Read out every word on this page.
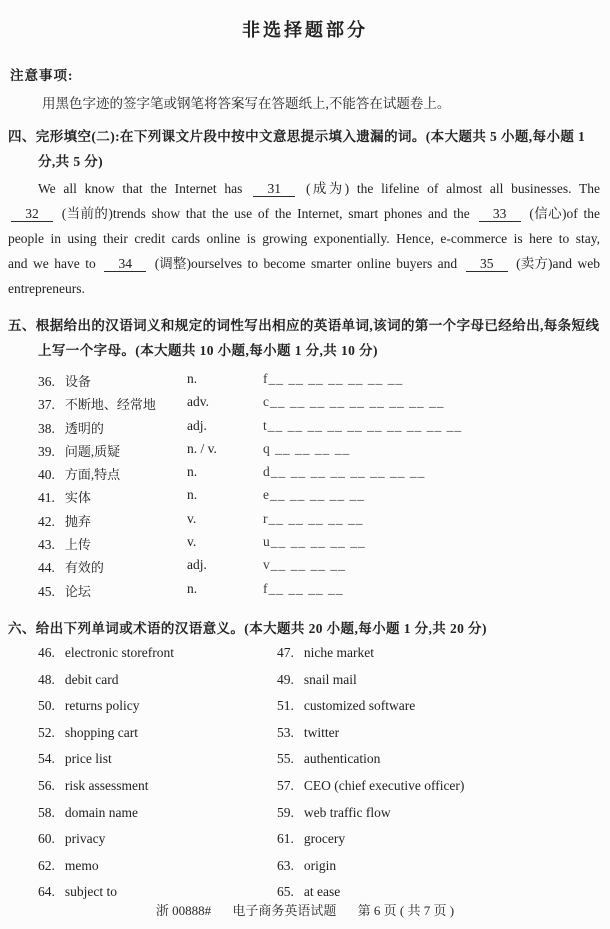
非选择题部分
注意事项:
用黑色字迹的签字笔或钢笔将答案写在答题纸上,不能答在试题卷上。
四、完形填空(二):在下列课文片段中按中文意思提示填入遗漏的词。(本大题共 5 小题,每小题 1 分,共 5 分)

We all know that the Internet has 31 (成为) the lifeline of almost all businesses. The 32 (当前的)trends show that the use of the Internet, smart phones and the 33 (信心)of the people in using their credit cards online is growing exponentially. Hence, e-commerce is here to stay, and we have to 34 (调整)ourselves to become smarter online buyers and 35 (卖方)and web entrepreneurs.

五、根据给出的汉语词义和规定的词性写出相应的英语单词,该词的第一个字母已经给出,每条短线上写一个字母。(本大题共 10 小题,每小题 1 分,共 10 分)
36. 设备	n.	f__ __ __ __ __ __ __
37. 不断地、经常地 adv.	c__ __ __ __ __ __ __ __ __
38. 透明的	adj.	t__ __ __ __ __ __ __ __ __ __
39. 问题,质疑	n. / v.	q __ __ __ __
40. 方面,特点	n.	d__ __ __ __ __ __ __ __
41. 实体	n.	e__ __ __ __ __
42. 抛弃	v.	r__ __ __ __ __
43. 上传	v.	u__ __ __ __ __
44. 有效的	adj.	v__ __ __ __
45. 论坛	n.	f__ __ __ __
六、给出下列单词或术语的汉语意义。(本大题共 20 小题,每小题 1 分,共 20 分)
46. electronic storefront	47. niche market
48. debit card	49. snail mail
50. returns policy	51. customized software
52. shopping cart	53. twitter
54. price list	55. authentication
56. risk assessment	57. CEO (chief executive officer)
58. domain name	59. web traffic flow
60. privacy	61. grocery
62. memo	63. origin
64. subject to	65. at ease
浙 00888# 电子商务英语试题 第 6 页 ( 共 7 页 )
